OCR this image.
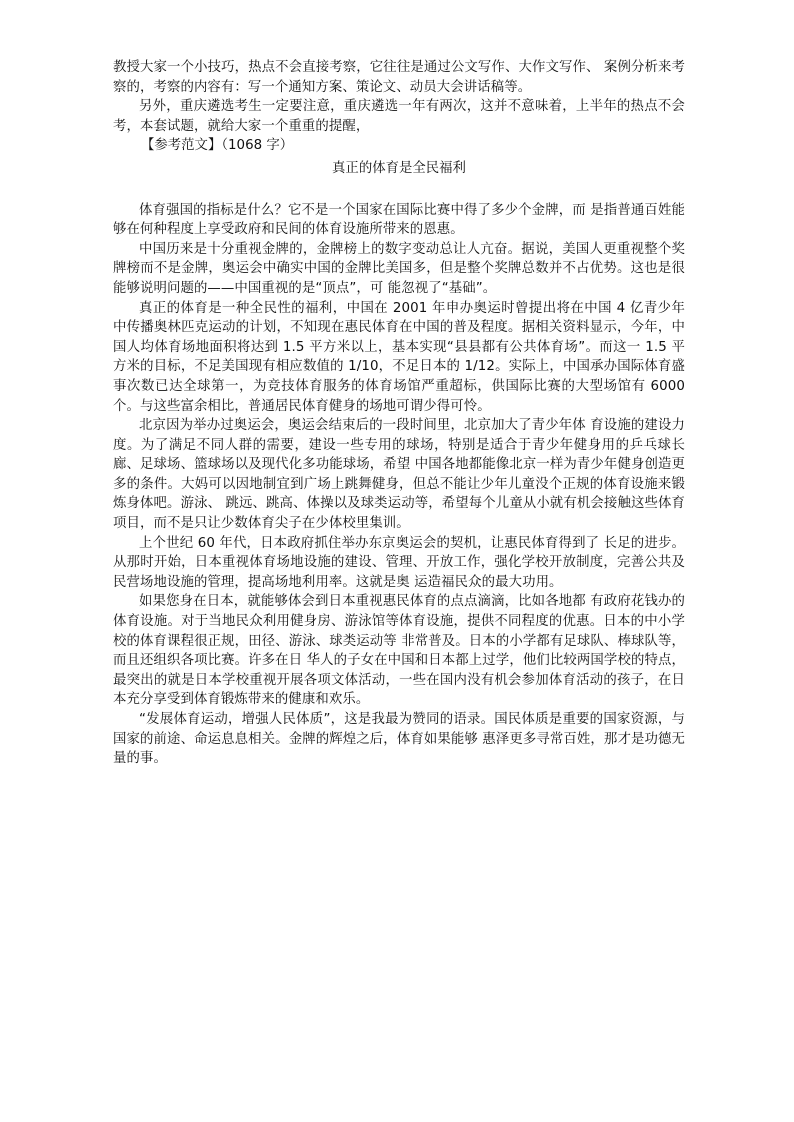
教授大家一个小技巧，热点不会直接考察，它往往是通过公文写作、大作文写作、 案例分析来考察的，考察的内容有：写一个通知方案、策论文、动员大会讲话稿等。

另外，重庆遴选考生一定要注意，重庆遴选一年有两次，这并不意味着，上半年的热点不会考，本套试题，就给大家一个重重的提醒，

【参考范文】（1068 字）

真正的体育是全民福利

体育强国的指标是什么？它不是一个国家在国际比赛中得了多少个金牌，而 是指普通百姓能够在何种程度上享受政府和民间的体育设施所带来的恩惠。

中国历来是十分重视金牌的，金牌榜上的数字变动总让人亢奋。据说，美国人更重视整个奖牌榜而不是金牌，奥运会中确实中国的金牌比美国多，但是整个奖牌总数并不占优势。这也是很能够说明问题的——中国重视的是“顶点”，可 能忽视了“基础”。

真正的体育是一种全民性的福利，中国在 2001 年申办奥运时曾提出将在中国 4 亿青少年中传播奥林匹克运动的计划，不知现在惠民体育在中国的普及程度。据相关资料显示，今年，中国人均体育场地面积将达到 1.5 平方米以上，基本实现“县县都有公共体育场”。而这一 1.5 平方米的目标，不足美国现有相应数值的 1/10，不足日本的 1/12。实际上，中国承办国际体育盛事次数已达全球第一，为竞技体育服务的体育场馆严重超标，供国际比赛的大型场馆有 6000 个。与这些富余相比，普通居民体育健身的场地可谓少得可怜。

北京因为举办过奥运会，奥运会结束后的一段时间里，北京加大了青少年体 育设施的建设力度。为了满足不同人群的需要，建设一些专用的球场，特别是适合于青少年健身用的乒乓球长廊、足球场、篮球场以及现代化多功能球场，希望 中国各地都能像北京一样为青少年健身创造更多的条件。大妈可以因地制宜到广场上跳舞健身，但总不能让少年儿童没个正规的体育设施来锻炼身体吧。游泳、 跳远、跳高、体操以及球类运动等，希望每个儿童从小就有机会接触这些体育项目，而不是只让少数体育尖子在少体校里集训。

上个世纪 60 年代，日本政府抓住举办东京奥运会的契机，让惠民体育得到了 长足的进步。从那时开始，日本重视体育场地设施的建设、管理、开放工作，强化学校开放制度，完善公共及民营场地设施的管理，提高场地利用率。这就是奥 运造福民众的最大功用。

如果您身在日本，就能够体会到日本重视惠民体育的点点滴滴，比如各地都 有政府花钱办的体育设施。对于当地民众利用健身房、游泳馆等体育设施，提供不同程度的优惠。日本的中小学校的体育课程很正规，田径、游泳、球类运动等 非常普及。日本的小学都有足球队、棒球队等，而且还组织各项比赛。许多在日 华人的子女在中国和日本都上过学，他们比较两国学校的特点，最突出的就是日本学校重视开展各项文体活动，一些在国内没有机会参加体育活动的孩子，在日 本充分享受到体育锻炼带来的健康和欢乐。

“发展体育运动，增强人民体质”，这是我最为赞同的语录。国民体质是重要的国家资源，与国家的前途、命运息息相关。金牌的辉煌之后，体育如果能够 惠泽更多寻常百姓，那才是功德无量的事。
